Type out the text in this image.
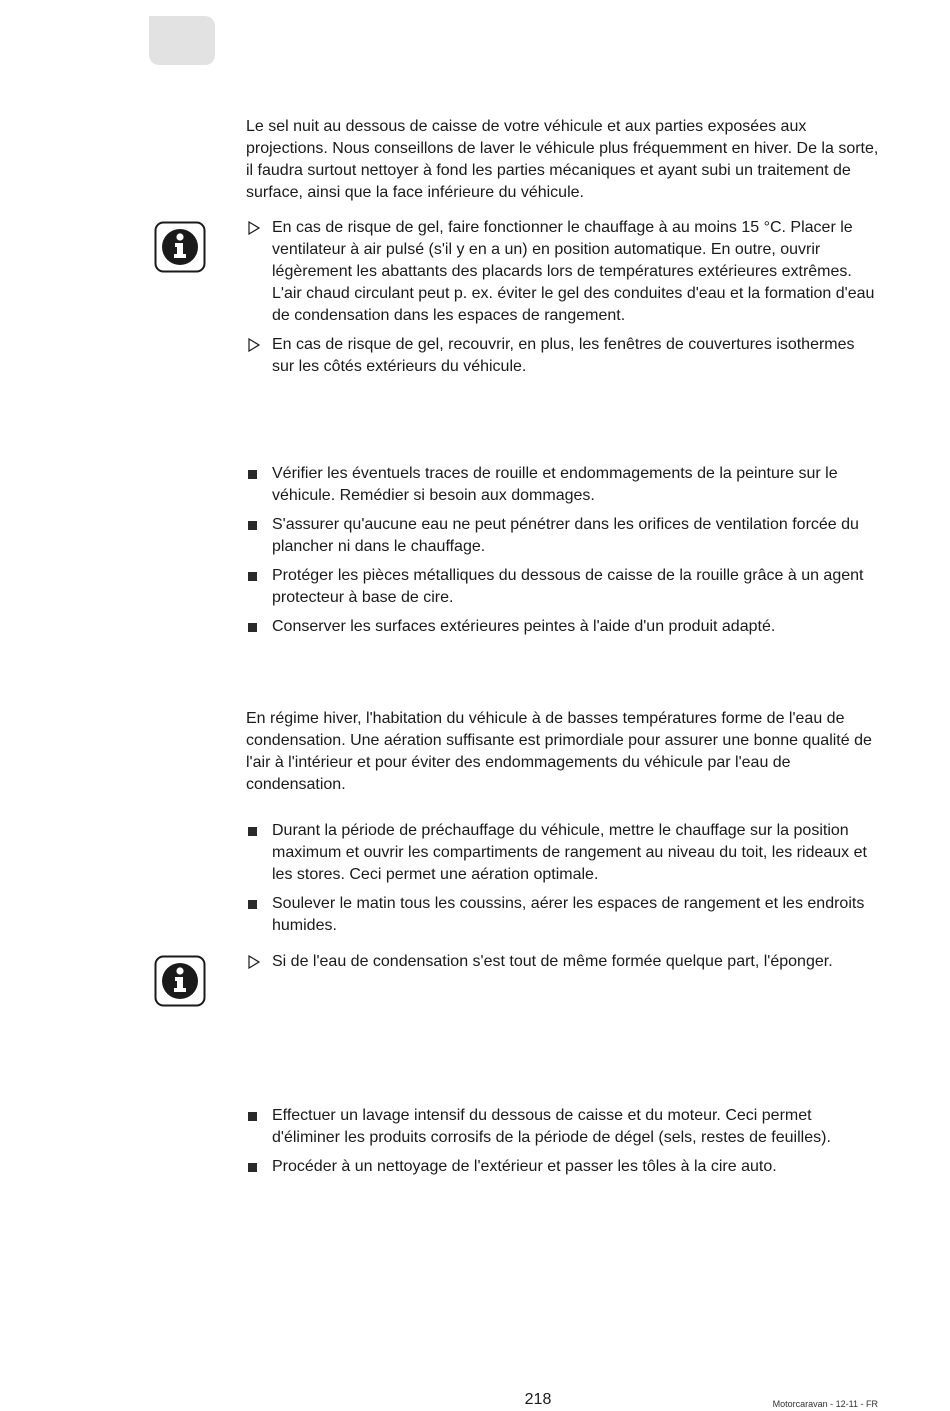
Le sel nuit au dessous de caisse de votre véhicule et aux parties exposées aux projections. Nous conseillons de laver le véhicule plus fréquemment en hiver. De la sorte, il faudra surtout nettoyer à fond les parties mécaniques et ayant subi un traitement de surface, ainsi que la face inférieure du véhicule.

En cas de risque de gel, faire fonctionner le chauffage à au moins 15 °C. Placer le ventilateur à air pulsé (s'il y en a un) en position automatique. En outre, ouvrir légèrement les abattants des placards lors de températures extérieures extrêmes. L'air chaud circulant peut p. ex. éviter le gel des conduites d'eau et la formation d'eau de condensation dans les espaces de rangement.
En cas de risque de gel, recouvrir, en plus, les fenêtres de couvertures isothermes sur les côtés extérieurs du véhicule.
Vérifier les éventuels traces de rouille et endommagements de la peinture sur le véhicule. Remédier si besoin aux dommages.
S'assurer qu'aucune eau ne peut pénétrer dans les orifices de ventilation forcée du plancher ni dans le chauffage.
Protéger les pièces métalliques du dessous de caisse de la rouille grâce à un agent protecteur à base de cire.
Conserver les surfaces extérieures peintes à l'aide d'un produit adapté.

En régime hiver, l'habitation du véhicule à de basses températures forme de l'eau de condensation. Une aération suffisante est primordiale pour assurer une bonne qualité de l'air à l'intérieur et pour éviter des endommagements du véhicule par l'eau de condensation.

Durant la période de préchauffage du véhicule, mettre le chauffage sur la position maximum et ouvrir les compartiments de rangement au niveau du toit, les rideaux et les stores. Ceci permet une aération optimale.
Soulever le matin tous les coussins, aérer les espaces de rangement et les endroits humides.
Si de l'eau de condensation s'est tout de même formée quelque part, l'éponger.
Effectuer un lavage intensif du dessous de caisse et du moteur. Ceci permet d'éliminer les produits corrosifs de la période de dégel (sels, restes de feuilles).
Procéder à un nettoyage de l'extérieur et passer les tôles à la cire auto.
218	Motorcaravan - 12-11 - FR
